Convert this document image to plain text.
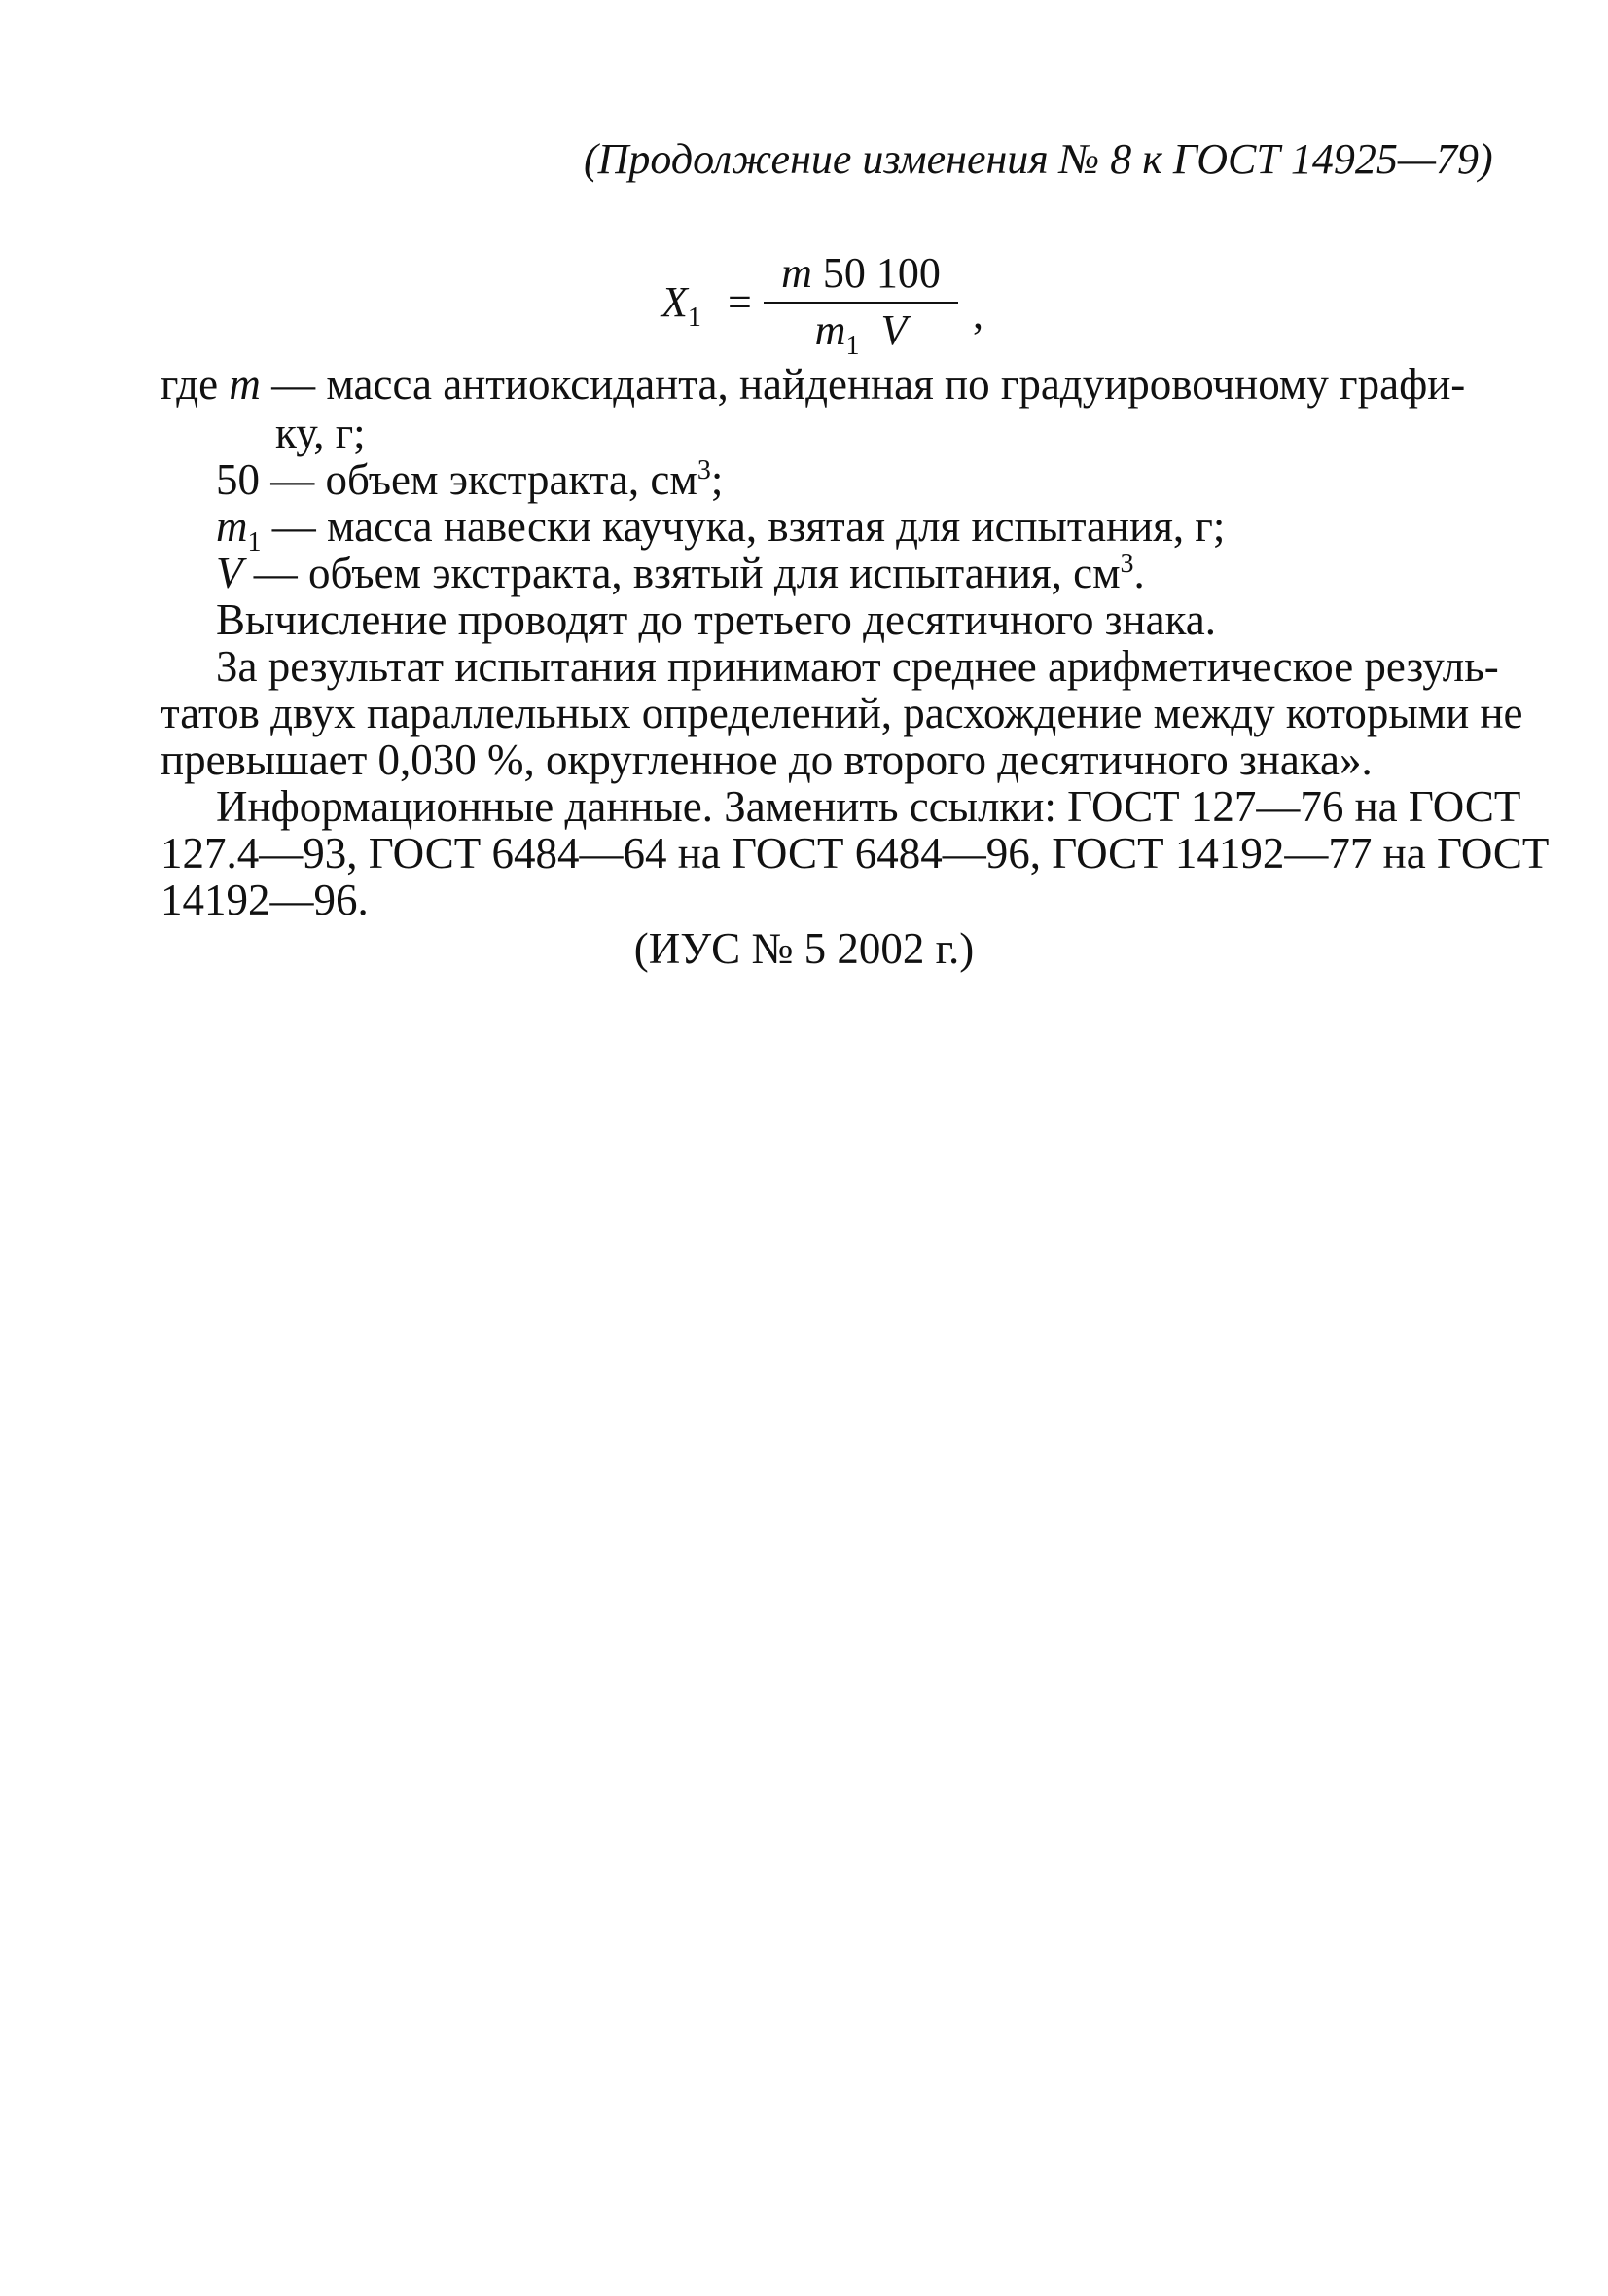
(Продолжение изменения № 8 к ГОСТ 14925—79)
$X_1$ =
m 50 100
$m_1$ V	,
где m — масса антиоксиданта, найденная по градуировочному графи-
ку, г;
50 — объем экстракта, $см^3$;
$m_1$ — масса навески каучука, взятая для испытания, г;
V — объем экстракта, взятый для испытания, $см^3$.
Вычисление проводят до третьего десятичного знака.
За результат испытания принимают среднее арифметическое резуль-
татов двух параллельных определений, расхождение между которыми не
превышает 0,030 %, округленное до второго десятичного знака».
Информационные данные. Заменить ссылки: ГОСТ 127—76 на ГОСТ
127.4—93, ГОСТ 6484—64 на ГОСТ 6484—96, ГОСТ 14192—77 на ГОСТ
14192—96.
(ИУС № 5 2002 г.)
